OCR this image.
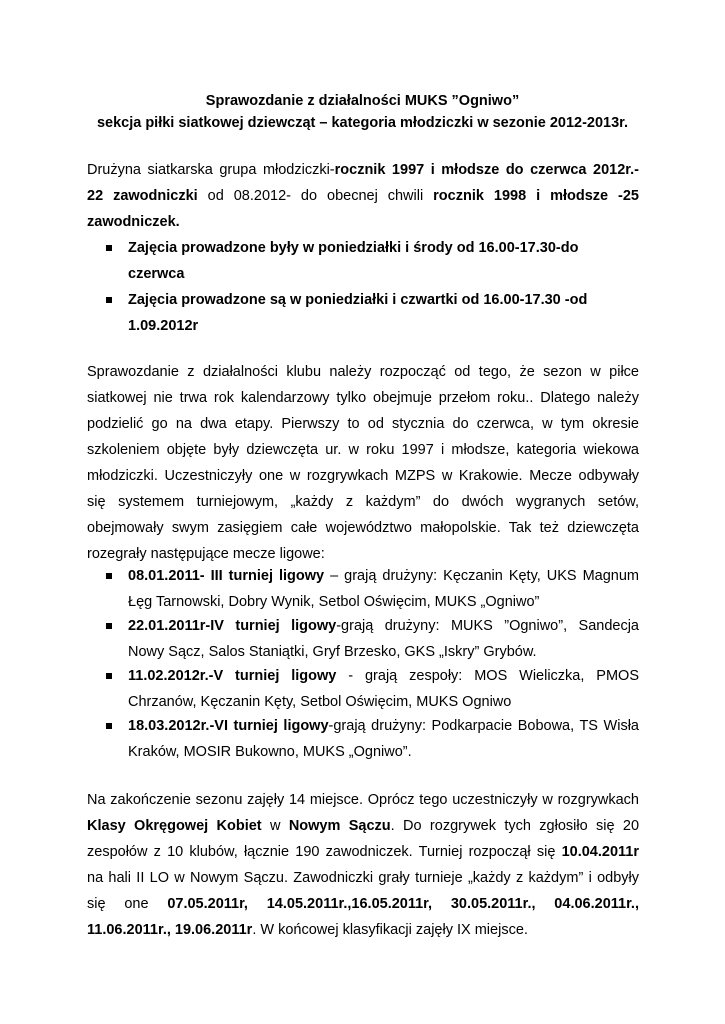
Sprawozdanie z działalności MUKS ”Ogniwo”
sekcja piłki siatkowej dziewcząt – kategoria młodziczki w sezonie 2012-2013r.
Drużyna siatkarska grupa młodziczki-rocznik 1997 i młodsze do czerwca 2012r.-
22 zawodniczki od 08.2012- do obecnej chwili rocznik 1998 i młodsze -25
zawodniczek.
Zajęcia prowadzone były w poniedziałki i środy od 16.00-17.30-do
czerwca
Zajęcia prowadzone są w poniedziałki i czwartki od 16.00-17.30 -od
1.09.2012r
Sprawozdanie z działalności klubu należy rozpocząć od tego, że sezon w piłce
siatkowej nie trwa rok kalendarzowy tylko obejmuje przełom roku.. Dlatego należy
podzielić go na dwa etapy. Pierwszy to od stycznia do czerwca, w tym okresie
szkoleniem objęte były dziewczęta ur. w roku 1997 i młodsze, kategoria wiekowa
młodziczki. Uczestniczyły one w rozgrywkach MZPS w Krakowie. Mecze odbywały
się systemem turniejowym, „każdy z każdym” do dwóch wygranych setów,
obejmowały swym zasięgiem całe województwo małopolskie. Tak też dziewczęta
rozegrały następujące mecze ligowe:
08.01.2011- III turniej ligowy – grają drużyny: Kęczanin Kęty, UKS Magnum
Łęg Tarnowski, Dobry Wynik, Setbol Oświęcim, MUKS „Ogniwo”
22.01.2011r-IV turniej ligowy-grają drużyny: MUKS ”Ogniwo”, Sandecja
Nowy Sącz, Salos Staniątki, Gryf Brzesko, GKS „Iskry” Grybów.
11.02.2012r.-V turniej ligowy - grają zespoły: MOS Wieliczka, PMOS
Chrzanów, Kęczanin Kęty, Setbol Oświęcim, MUKS Ogniwo
18.03.2012r.-VI turniej ligowy-grają drużyny: Podkarpacie Bobowa, TS Wisła
Kraków, MOSIR Bukowno, MUKS „Ogniwo”.
Na zakończenie sezonu zajęły 14 miejsce. Oprócz tego uczestniczyły w rozgrywkach
Klasy Okręgowej Kobiet w Nowym Sączu. Do rozgrywek tych zgłosiło się 20
zespołów z 10 klubów, łącznie 190 zawodniczek. Turniej rozpoczął się 10.04.2011r
na hali II LO w Nowym Sączu. Zawodniczki grały turnieje „każdy z każdym” i odbyły
się one 07.05.2011r, 14.05.2011r.,16.05.2011r, 30.05.2011r., 04.06.2011r.,
11.06.2011r., 19.06.2011r. W końcowej klasyfikacji zajęły IX miejsce.
